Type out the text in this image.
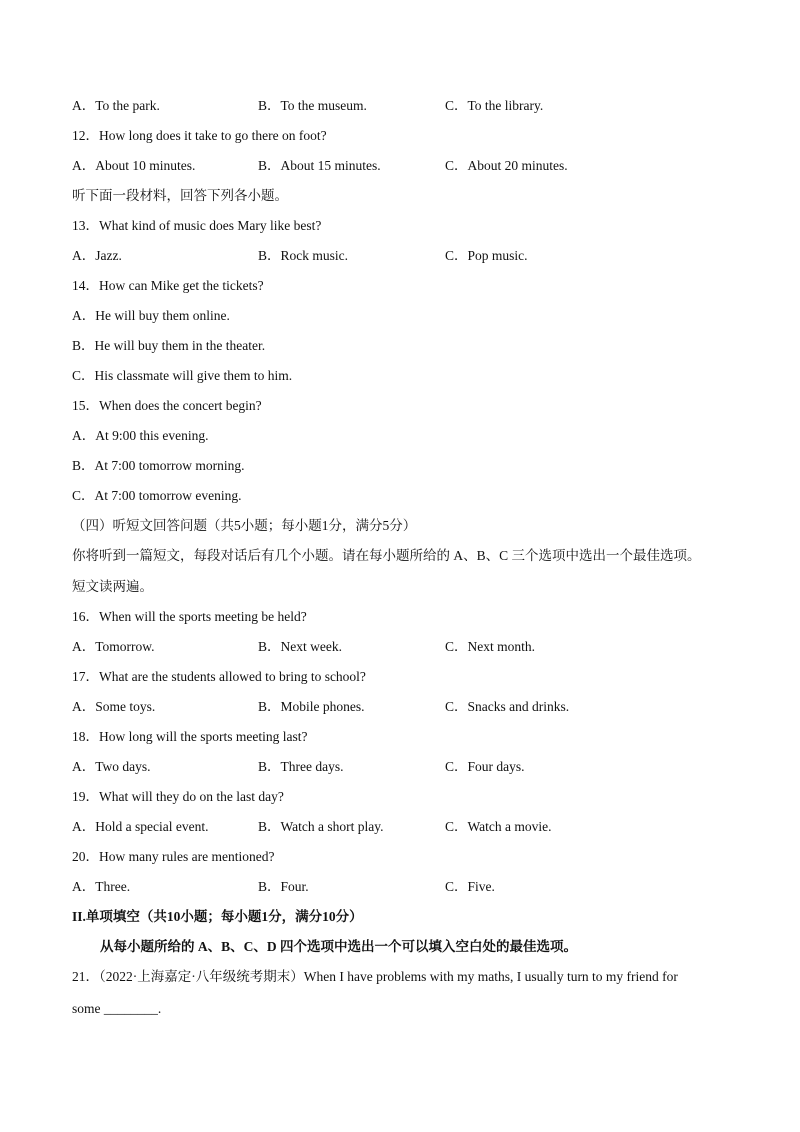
A．To the park.	B．To the museum.	C．To the library.
12．How long does it take to go there on foot?
A．About 10 minutes.	B．About 15 minutes.	C．About 20 minutes.
听下面一段材料，回答下列各小题。
13．What kind of music does Mary like best?
A．Jazz.	B．Rock music.	C．Pop music.
14．How can Mike get the tickets?
A．He will buy them online.
B．He will buy them in the theater.
C．His classmate will give them to him.
15．When does the concert begin?
A．At 9:00 this evening.
B．At 7:00 tomorrow morning.
C．At 7:00 tomorrow evening.
（四）听短文回答问题（共5小题；每小题1分，满分5分）
你将听到一篇短文，每段对话后有几个小题。请在每小题所给的 A、B、C 三个选项中选出一个最佳选项。
短文读两遍。
16．When will the sports meeting be held?
A．Tomorrow.	B．Next week.	C．Next month.
17．What are the students allowed to bring to school?
A．Some toys.	B．Mobile phones.	C．Snacks and drinks.
18．How long will the sports meeting last?
A．Two days.	B．Three days.	C．Four days.
19．What will they do on the last day?
A．Hold a special event.	B．Watch a short play.	C．Watch a movie.
20．How many rules are mentioned?
A．Three.	B．Four.	C．Five.
II.单项填空（共10小题；每小题1分，满分10分）
从每小题所给的 A、B、C、D 四个选项中选出一个可以填入空白处的最佳选项。
21．（2022·上海嘉定·八年级统考期末）When I have problems with my maths, I usually turn to my friend for
some ________.
